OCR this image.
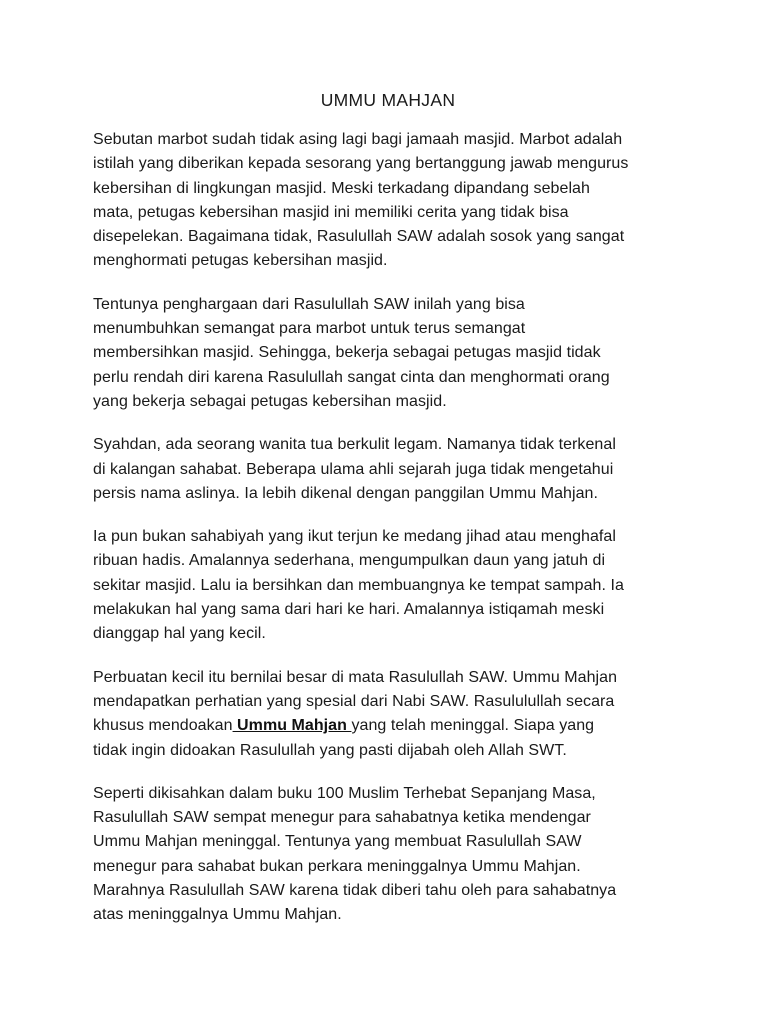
UMMU MAHJAN

Sebutan marbot sudah tidak asing lagi bagi jamaah masjid. Marbot adalah
istilah yang diberikan kepada sesorang yang bertanggung jawab mengurus
kebersihan di lingkungan masjid. Meski terkadang dipandang sebelah
mata, petugas kebersihan masjid ini memiliki cerita yang tidak bisa
disepelekan. Bagaimana tidak, Rasulullah SAW adalah sosok yang sangat
menghormati petugas kebersihan masjid.

Tentunya penghargaan dari Rasulullah SAW inilah yang bisa
menumbuhkan semangat para marbot untuk terus semangat
membersihkan masjid. Sehingga, bekerja sebagai petugas masjid tidak
perlu rendah diri karena Rasulullah sangat cinta dan menghormati orang
yang bekerja sebagai petugas kebersihan masjid.

Syahdan, ada seorang wanita tua berkulit legam. Namanya tidak terkenal
di kalangan sahabat. Beberapa ulama ahli sejarah juga tidak mengetahui
persis nama aslinya. Ia lebih dikenal dengan panggilan Ummu Mahjan.

Ia pun bukan sahabiyah yang ikut terjun ke medang jihad atau menghafal
ribuan hadis. Amalannya sederhana, mengumpulkan daun yang jatuh di
sekitar masjid. Lalu ia bersihkan dan membuangnya ke tempat sampah. Ia
melakukan hal yang sama dari hari ke hari. Amalannya istiqamah meski
dianggap hal yang kecil.

Perbuatan kecil itu bernilai besar di mata Rasulullah SAW. Ummu Mahjan
mendapatkan perhatian yang spesial dari Nabi SAW. Rasululullah secara
khusus mendoakan Ummu Mahjan yang telah meninggal. Siapa yang
tidak ingin didoakan Rasulullah yang pasti dijabah oleh Allah SWT.

Seperti dikisahkan dalam buku 100 Muslim Terhebat Sepanjang Masa,
Rasulullah SAW sempat menegur para sahabatnya ketika mendengar
Ummu Mahjan meninggal. Tentunya yang membuat Rasulullah SAW
menegur para sahabat bukan perkara meninggalnya Ummu Mahjan.
Marahnya Rasulullah SAW karena tidak diberi tahu oleh para sahabatnya
atas meninggalnya Ummu Mahjan.
